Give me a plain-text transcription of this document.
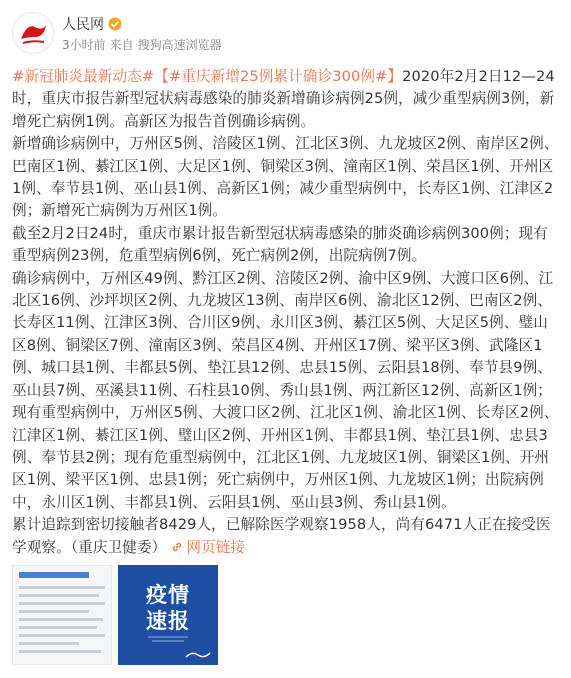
人民网
3小时前 来自 搜狗高速浏览器

#新冠肺炎最新动态#【#重庆新增25例累计确诊300例#】2020年2月2日12—24时，重庆市报告新型冠状病毒感染的肺炎新增确诊病例25例，减少重型病例3例，新增死亡病例1例。高新区为报告首例确诊病例。

新增确诊病例中，万州区5例、涪陵区1例、江北区3例、九龙坡区2例、南岸区2例、巴南区1例、綦江区1例、大足区1例、铜梁区3例、潼南区1例、荣昌区1例、开州区1例、奉节县1例、巫山县1例、高新区1例；减少重型病例中，长寿区1例、江津区2例；新增死亡病例为万州区1例。

截至2月2日24时，重庆市累计报告新型冠状病毒感染的肺炎确诊病例300例；现有重型病例23例，危重型病例6例，死亡病例2例，出院病例7例。

确诊病例中，万州区49例、黔江区2例、涪陵区2例、渝中区9例、大渡口区6例、江北区16例、沙坪坝区2例、九龙坡区13例、南岸区6例、渝北区12例、巴南区2例、长寿区11例、江津区3例、合川区9例、永川区3例、綦江区5例、大足区5例、璧山区8例、铜梁区7例、潼南区3例、荣昌区4例、开州区17例、梁平区3例、武隆区1例、城口县1例、丰都县5例、垫江县12例、忠县15例、云阳县18例、奉节县9例、巫山县7例、巫溪县11例、石柱县10例、秀山县1例、两江新区12例、高新区1例；现有重型病例中，万州区5例、大渡口区2例、江北区1例、渝北区1例、长寿区2例、江津区1例、綦江区1例、璧山区2例、开州区1例、丰都县1例、垫江县1例、忠县3例、奉节县2例；现有危重型病例中，江北区1例、九龙坡区1例、铜梁区1例、开州区1例、梁平区1例、忠县1例；死亡病例中，万州区1例、九龙坡区1例；出院病例中，永川区1例、丰都县1例、云阳县1例、巫山县3例、秀山县1例。

累计追踪到密切接触者8429人，已解除医学观察1958人，尚有6471人正在接受医学观察。（重庆卫健委） 网页链接

疫情
速报
